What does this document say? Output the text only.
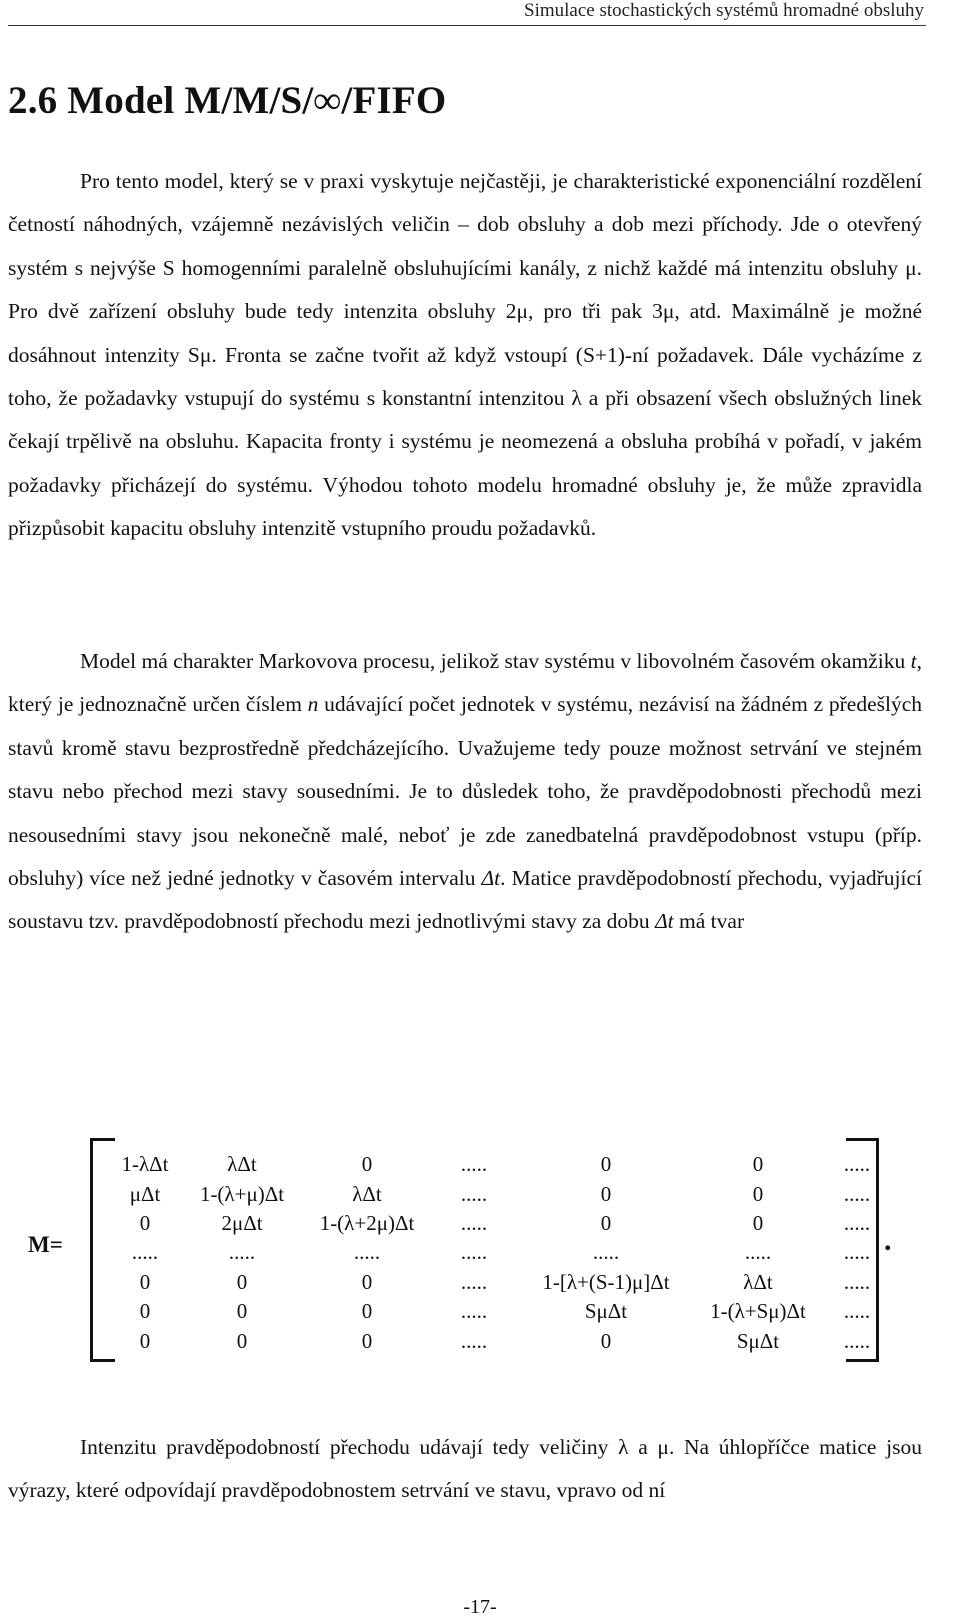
Simulace stochastických systémů hromadné obsluhy
2.6 Model M/M/S/∞/FIFO
Pro tento model, který se v praxi vyskytuje nejčastěji, je charakteristické exponenciální rozdělení četností náhodných, vzájemně nezávislých veličin – dob obsluhy a dob mezi příchody. Jde o otevřený systém s nejvýše S homogenními paralelně obsluhujícími kanály, z nichž každé má intenzitu obsluhy μ. Pro dvě zařízení obsluhy bude tedy intenzita obsluhy 2μ, pro tři pak 3μ, atd. Maximálně je možné dosáhnout intenzity Sμ. Fronta se začne tvořit až když vstoupí (S+1)-ní požadavek. Dále vycházíme z toho, že požadavky vstupují do systému s konstantní intenzitou λ a při obsazení všech obslužných linek čekají trpělivě na obsluhu. Kapacita fronty i systému je neomezená a obsluha probíhá v pořadí, v jakém požadavky přicházejí do systému. Výhodou tohoto modelu hromadné obsluhy je, že může zpravidla přizpůsobit kapacitu obsluhy intenzitě vstupního proudu požadavků.
Model má charakter Markovova procesu, jelikož stav systému v libovolném časovém okamžiku t, který je jednoznačně určen číslem n udávající počet jednotek v systému, nezávisí na žádném z předešlých stavů kromě stavu bezprostředně předcházejícího. Uvažujeme tedy pouze možnost setrvání ve stejném stavu nebo přechod mezi stavy sousedními. Je to důsledek toho, že pravděpodobnosti přechodů mezi nesousedními stavy jsou nekonečně malé, neboť je zde zanedbatelná pravděpodobnost vstupu (příp. obsluhy) více než jedné jednotky v časovém intervalu Δt. Matice pravděpodobností přechodu, vyjadřující soustavu tzv. pravděpodobností přechodu mezi jednotlivými stavy za dobu Δt má tvar
M=
1-λΔt	λΔt	0	.....	0	0	.....
μΔt	1-(λ+μ)Δt	λΔt	.....	0	0	.....
0	2μΔt	1-(λ+2μ)Δt	.....	0	0	.....
.....	.....	.....	.....	.....	.....	.....
0	0	0	.....	1-[λ+(S-1)μ]Δt	λΔt	.....
0	0	0	.....	SμΔt	1-(λ+Sμ)Δt	.....
0	0	0	.....	0	SμΔt	.....
.
Intenzitu pravděpodobností přechodu udávají tedy veličiny λ a μ. Na úhlopříčce matice jsou výrazy, které odpovídají pravděpodobnostem setrvání ve stavu, vpravo od ní
-17-
